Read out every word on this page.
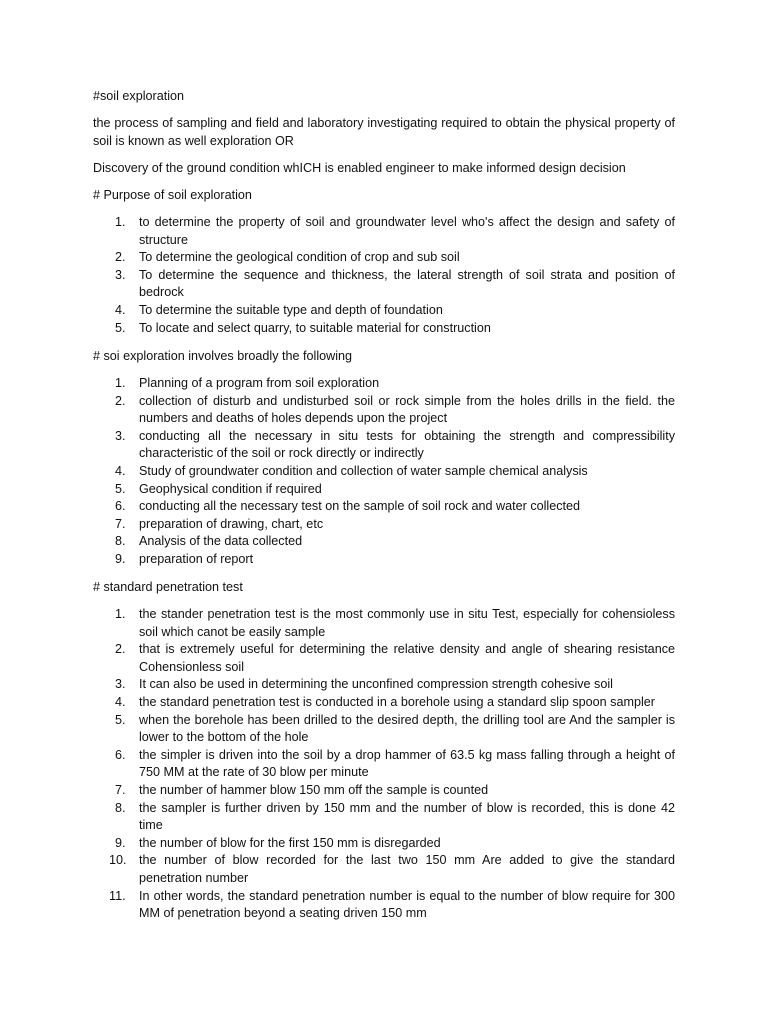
#soil exploration

the process of sampling and field and laboratory investigating required to obtain the physical property of soil is known as well exploration OR

Discovery of the ground condition whICH is enabled engineer to make informed design decision

# Purpose of soil exploration

1.	to determine the property of soil and groundwater level who's affect the design and safety of structure
2.	To determine the geological condition of crop and sub soil
3.	To determine the sequence and thickness, the lateral strength of soil strata and position of bedrock
4.	To determine the suitable type and depth of foundation
5.	To locate and select quarry, to suitable material for construction

# soi exploration involves broadly the following

1.	Planning of a program from soil exploration
2.	collection of disturb and undisturbed soil or rock simple from the holes drills in the field. the numbers and deaths of holes depends upon the project
3.	conducting all the necessary in situ tests for obtaining the strength and compressibility characteristic of the soil or rock directly or indirectly
4.	Study of groundwater condition and collection of water sample chemical analysis
5.	Geophysical condition if required
6.	conducting all the necessary test on the sample of soil rock and water collected
7.	preparation of drawing, chart, etc
8.	Analysis of the data collected
9.	preparation of report

# standard penetration test

1.	the stander penetration test is the most commonly use in situ Test, especially for cohensioless soil which canot be easily sample
2.	that is extremely useful for determining the relative density and angle of shearing resistance Cohensionless soil
3.	It can also be used in determining the unconfined compression strength cohesive soil
4.	the standard penetration test is conducted in a borehole using a standard slip spoon sampler
5.	when the borehole has been drilled to the desired depth, the drilling tool are And the sampler is lower to the bottom of the hole
6.	the simpler is driven into the soil by a drop hammer of 63.5 kg mass falling through a height of 750 MM at the rate of 30 blow per minute
7.	the number of hammer blow 150 mm off the sample is counted
8.	the sampler is further driven by 150 mm and the number of blow is recorded, this is done 42 time
9.	the number of blow for the first 150 mm is disregarded
10. the number of blow recorded for the last two 150 mm Are added to give the standard penetration number
11.	In other words, the standard penetration number is equal to the number of blow require for 300 MM of penetration beyond a seating driven 150 mm
